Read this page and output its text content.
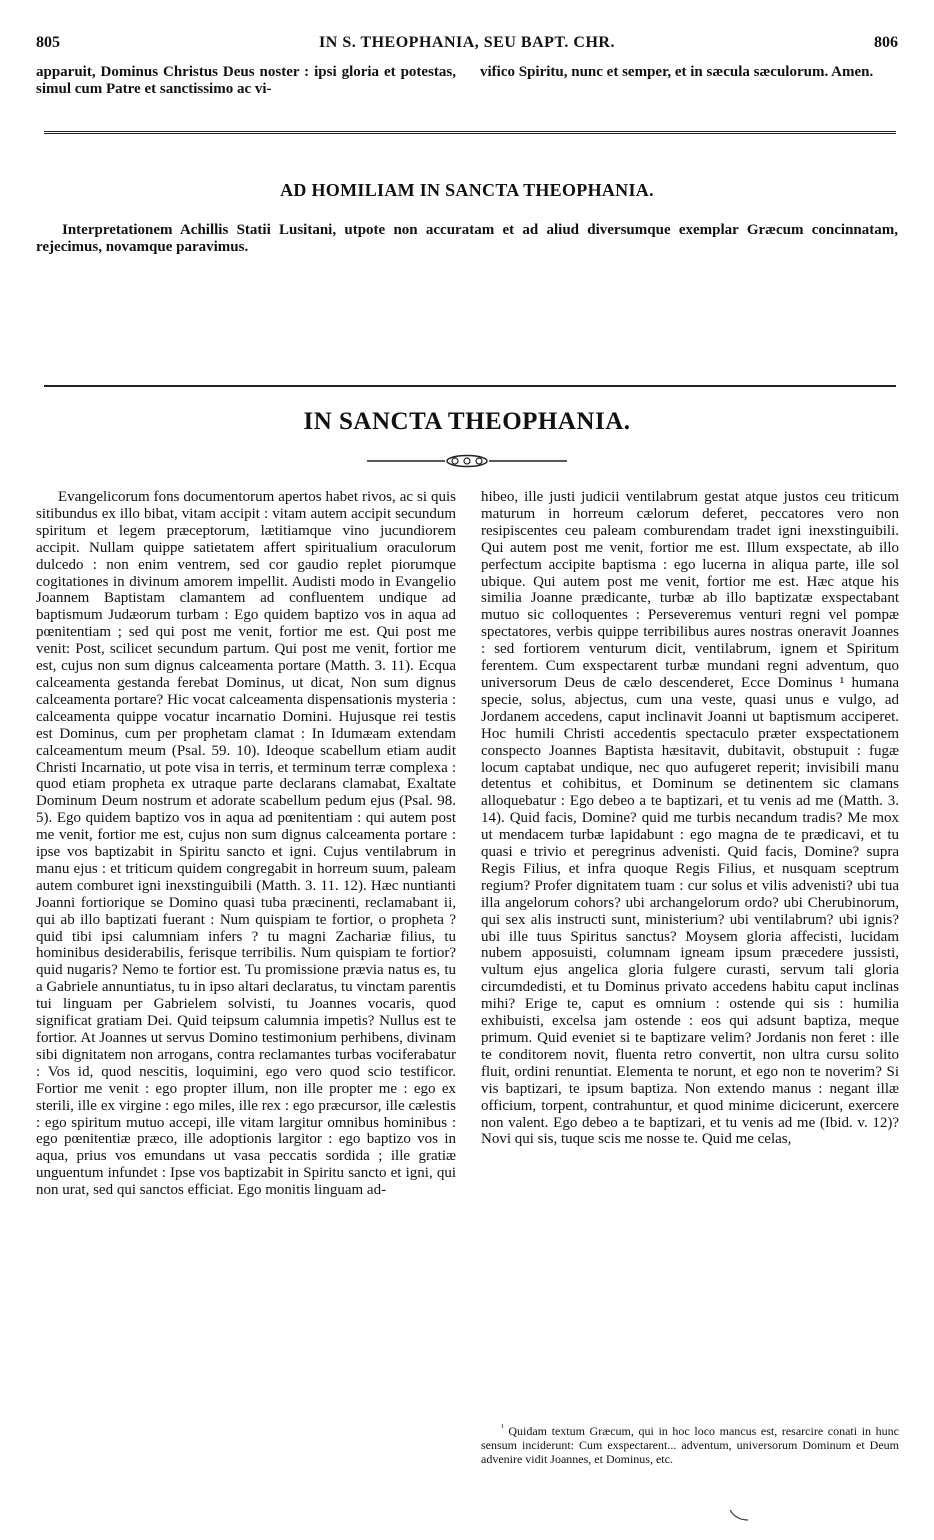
805	IN S. THEOPHANIA, SEU BAPT. CHR.	806
apparuit, Dominus Christus Deus noster : ipsi gloria et potestas, simul cum Patre et sanctissimo ac vi-
vifico Spiritu, nunc et semper, et in sæcula sæculorum. Amen.
AD HOMILIAM IN SANCTA THEOPHANIA.
Interpretationem Achillis Statii Lusitani, utpote non accuratam et ad aliud diversumque exemplar Græcum concinnatam, rejecimus, novamque paravimus.
IN SANCTA THEOPHANIA.

Evangelicorum fons documentorum apertos habet rivos, ac si quis sitibundus ex illo bibat, vitam accipit : vitam autem accipit secundum spiritum et legem præceptorum, lætitiamque vino jucundiorem accipit. Nullam quippe satietatem affert spiritualium oraculorum dulcedo : non enim ventrem, sed cor gaudio replet piorumque cogitationes in divinum amorem impellit. Audisti modo in Evangelio Joannem Baptistam clamantem ad confluentem undique ad baptismum Judæorum turbam : Ego quidem baptizo vos in aqua ad pœnitentiam ; sed qui post me venit, fortior me est. Qui post me venit: Post, scilicet secundum partum. Qui post me venit, fortior me est, cujus non sum dignus calceamenta portare (Matth. 3. 11). Ecqua calceamenta gestanda ferebat Dominus, ut dicat, Non sum dignus calceamenta portare? Hic vocat calceamenta dispensationis mysteria : calceamenta quippe vocatur incarnatio Domini. Hujusque rei testis est Dominus, cum per prophetam clamat : In Idumæam extendam calceamentum meum (Psal. 59. 10). Ideoque scabellum etiam audit Christi Incarnatio, ut pote visa in terris, et terminum terræ complexa : quod etiam propheta ex utraque parte declarans clamabat, Exaltate Dominum Deum nostrum et adorate scabellum pedum ejus (Psal. 98. 5). Ego quidem baptizo vos in aqua ad pœnitentiam : qui autem post me venit, fortior me est, cujus non sum dignus calceamenta portare : ipse vos baptizabit in Spiritu sancto et igni. Cujus ventilabrum in manu ejus : et triticum quidem congregabit in horreum suum, paleam autem comburet igni inexstinguibili (Matth. 3. 11. 12). Hæc nuntianti Joanni fortiorique se Domino quasi tuba præcinenti, reclamabant ii, qui ab illo baptizati fuerant : Num quispiam te fortior, o propheta ? quid tibi ipsi calumniam infers ? tu magni Zachariæ filius, tu hominibus desiderabilis, ferisque terribilis. Num quispiam te fortior? quid nugaris? Nemo te fortior est. Tu promissione prævia natus es, tu a Gabriele annuntiatus, tu in ipso altari declaratus, tu vinctam parentis tui linguam per Gabrielem solvisti, tu Joannes vocaris, quod significat gratiam Dei. Quid teipsum calumnia impetis? Nullus est te fortior. At Joannes ut servus Domino testimonium perhibens, divinam sibi dignitatem non arrogans, contra reclamantes turbas vociferabatur : Vos id, quod nescitis, loquimini, ego vero quod scio testificor. Fortior me venit : ego propter illum, non ille propter me : ego ex sterili, ille ex virgine : ego miles, ille rex : ego præcursor, ille cælestis : ego spiritum mutuo accepi, ille vitam largitur omnibus hominibus : ego pœnitentiæ præco, ille adoptionis largitor : ego baptizo vos in aqua, prius vos emundans ut vasa peccatis sordida ; ille gratiæ unguentum infundet : Ipse vos baptizabit in Spiritu sancto et igni, qui non urat, sed qui sanctos efficiat. Ego monitis linguam ad-

hibeo, ille justi judicii ventilabrum gestat atque justos ceu triticum maturum in horreum cælorum deferet, peccatores vero non resipiscentes ceu paleam comburendam tradet igni inexstinguibili. Qui autem post me venit, fortior me est. Illum exspectate, ab illo perfectum accipite baptisma : ego lucerna in aliqua parte, ille sol ubique. Qui autem post me venit, fortior me est. Hæc atque his similia Joanne prædicante, turbæ ab illo baptizatæ exspectabant mutuo sic colloquentes : Perseveremus venturi regni vel pompæ spectatores, verbis quippe terribilibus aures nostras oneravit Joannes : sed fortiorem venturum dicit, ventilabrum, ignem et Spiritum ferentem. Cum exspectarent turbæ mundani regni adventum, quo universorum Deus de cælo descenderet, Ecce Dominus ¹ humana specie, solus, abjectus, cum una veste, quasi unus e vulgo, ad Jordanem accedens, caput inclinavit Joanni ut baptismum acciperet. Hoc humili Christi accedentis spectaculo præter exspectationem conspecto Joannes Baptista hæsitavit, dubitavit, obstupuit : fugæ locum captabat undique, nec quo aufugeret reperit; invisibili manu detentus et cohibitus, et Dominum se detinentem sic clamans alloquebatur : Ego debeo a te baptizari, et tu venis ad me (Matth. 3. 14). Quid facis, Domine? quid me turbis necandum tradis? Me mox ut mendacem turbæ lapidabunt : ego magna de te prædicavi, et tu quasi e trivio et peregrinus advenisti. Quid facis, Domine? supra Regis Filius, et infra quoque Regis Filius, et nusquam sceptrum regium? Profer dignitatem tuam : cur solus et vilis advenisti? ubi tua illa angelorum cohors? ubi archangelorum ordo? ubi Cherubinorum, qui sex alis instructi sunt, ministerium? ubi ventilabrum? ubi ignis? ubi ille tuus Spiritus sanctus? Moysem gloria affecisti, lucidam nubem apposuisti, columnam igneam ipsum præcedere jussisti, vultum ejus angelica gloria fulgere curasti, servum tali gloria circumdedisti, et tu Dominus privato accedens habitu caput inclinas mihi? Erige te, caput es omnium : ostende qui sis : humilia exhibuisti, excelsa jam ostende : eos qui adsunt baptiza, meque primum. Quid eveniet si te baptizare velim? Jordanis non feret : ille te conditorem novit, fluenta retro convertit, non ultra cursu solito fluit, ordini renuntiat. Elementa te norunt, et ego non te noverim? Si vis baptizari, te ipsum baptiza. Non extendo manus : negant illæ officium, torpent, contrahuntur, et quod minime dicicerunt, exercere non valent. Ego debeo a te baptizari, et tu venis ad me (Ibid. v. 12)? Novi qui sis, tuque scis me nosse te. Quid me celas,

$^{^1}$ Quidam textum Græcum, qui in hoc loco mancus est, resarcire conati in hunc sensum inciderunt: Cum exspectarent... adventum, universorum Dominum et Deum advenire vidit Joannes, et Dominus, etc.
